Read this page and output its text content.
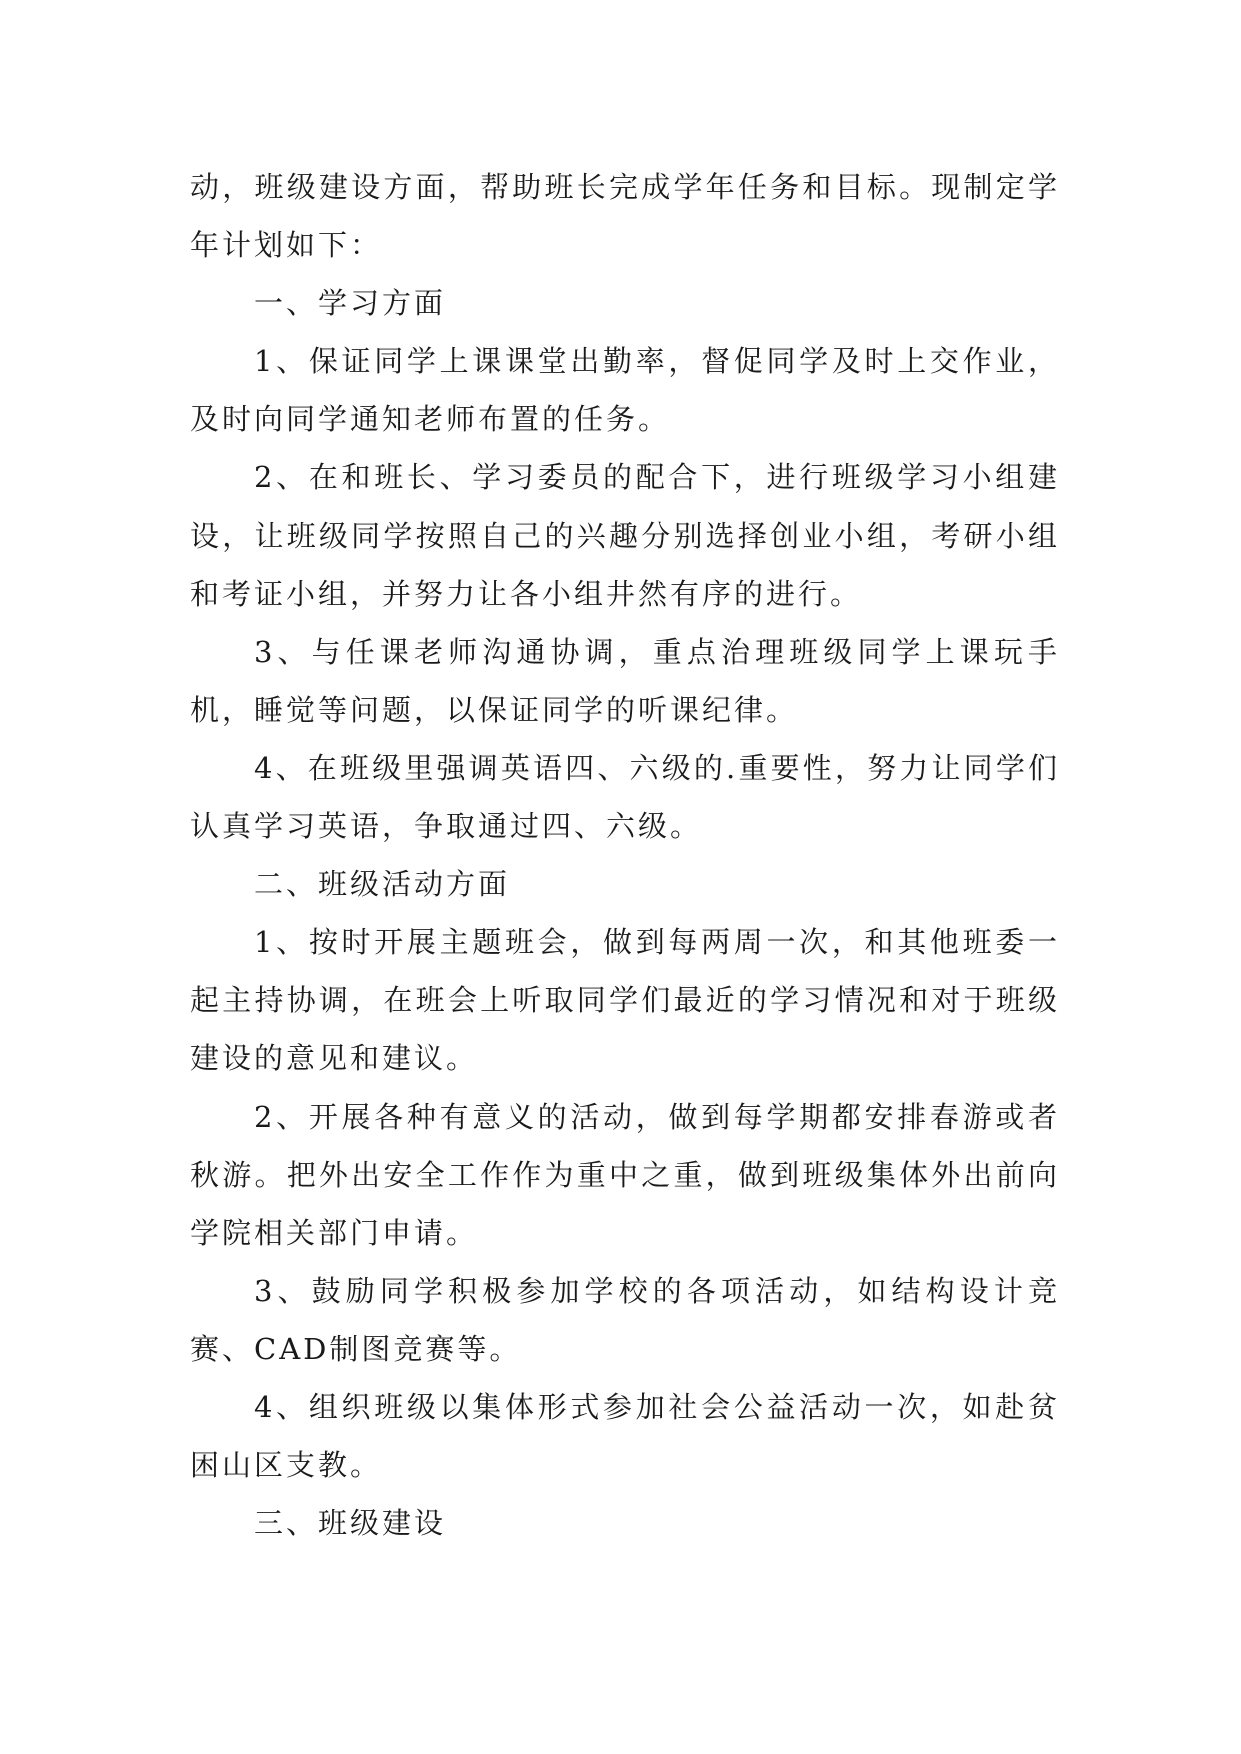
动，班级建设方面，帮助班长完成学年任务和目标。现制定学年计划如下：

一、学习方面

1、保证同学上课课堂出勤率，督促同学及时上交作业，及时向同学通知老师布置的任务。

2、在和班长、学习委员的配合下，进行班级学习小组建设，让班级同学按照自己的兴趣分别选择创业小组，考研小组和考证小组，并努力让各小组井然有序的进行。

3、与任课老师沟通协调，重点治理班级同学上课玩手机，睡觉等问题，以保证同学的听课纪律。

4、在班级里强调英语四、六级的.重要性，努力让同学们认真学习英语，争取通过四、六级。

二、班级活动方面

1、按时开展主题班会，做到每两周一次，和其他班委一起主持协调，在班会上听取同学们最近的学习情况和对于班级建设的意见和建议。

2、开展各种有意义的活动，做到每学期都安排春游或者秋游。把外出安全工作作为重中之重，做到班级集体外出前向学院相关部门申请。

3、鼓励同学积极参加学校的各项活动，如结构设计竞赛、CAD制图竞赛等。

4、组织班级以集体形式参加社会公益活动一次，如赴贫困山区支教。

三、班级建设
